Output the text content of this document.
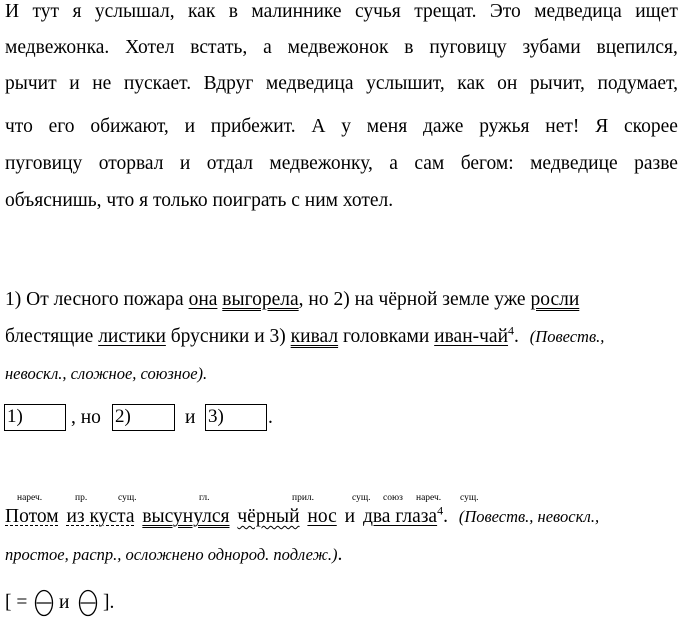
И тут я услышал, как в малиннике сучья трещат. Это медведица ищет
медвежонка. Хотел встать, а медвежонок в пуговицу зубами вцепился,
рычит и не пускает. Вдруг медведица услышит, как он рычит, подумает,
что его обижают, и прибежит. А у меня даже ружья нет! Я скорее
пуговицу оторвал и отдал медвежонку, а сам бегом: медведице разве
объяснишь, что я только поиграть с ним хотел.
1) От лесного пожара она выгорела, но 2) на чёрной земле уже росли
блестящие листики брусники и 3) кивал головками иван-чай$^4$. (Повеств.,
невоскл., сложное, союзное).
1)	, но 2)	и 3)	.
нареч.	пр.	сущ.	гл.	прил.	сущ. союз нареч. сущ.
Потом из куста высунулся чёрный нос и два глаза$^4$. (Повеств., невоскл.,
простое, распр., осложнено однород. подлеж.).
[ = и ].
